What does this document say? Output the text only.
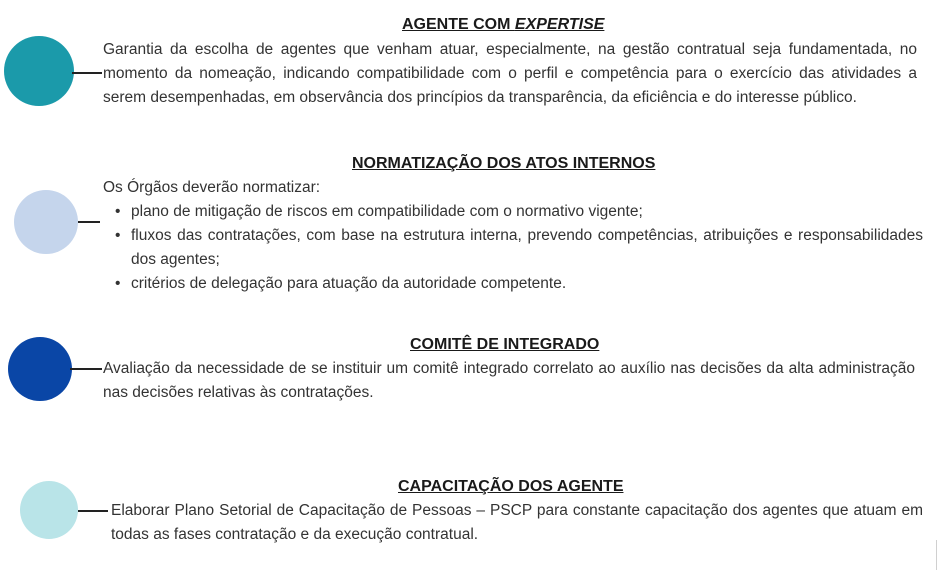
AGENTE COM EXPERTISE
Garantia da escolha de agentes que venham atuar, especialmente, na gestão contratual seja fundamentada, no momento da nomeação, indicando compatibilidade com o perfil e competência para o exercício das atividades a serem desempenhadas, em observância dos princípios da transparência, da eficiência e do interesse público.
NORMATIZAÇÃO DOS ATOS INTERNOS
Os Órgãos deverão normatizar:
• plano de mitigação de riscos em compatibilidade com o normativo vigente;
• fluxos das contratações, com base na estrutura interna, prevendo competências, atribuições e responsabilidades dos agentes;
• critérios de delegação para atuação da autoridade competente.
COMITÊ DE INTEGRADO
Avaliação da necessidade de se instituir um comitê integrado correlato ao auxílio nas decisões da alta administração nas decisões relativas às contratações.
CAPACITAÇÃO DOS AGENTE
Elaborar Plano Setorial de Capacitação de Pessoas – PSCP para constante capacitação dos agentes que atuam em todas as fases contratação e da execução contratual.
